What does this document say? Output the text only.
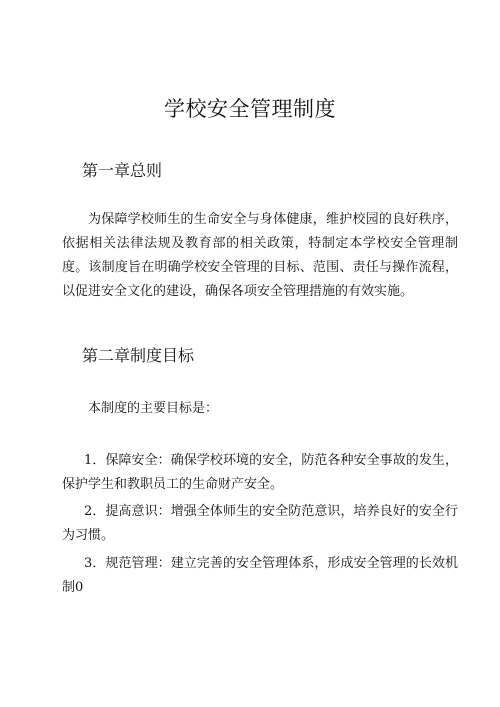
学校安全管理制度
第一章总则
为保障学校师生的生命安全与身体健康，维护校园的良好秩序，依据相关法律法规及教育部的相关政策，特制定本学校安全管理制度。该制度旨在明确学校安全管理的目标、范围、责任与操作流程，以促进安全文化的建设，确保各项安全管理措施的有效实施。
第二章制度目标
本制度的主要目标是：
1．保障安全：确保学校环境的安全，防范各种安全事故的发生，保护学生和教职员工的生命财产安全。
2．提高意识：增强全体师生的安全防范意识，培养良好的安全行为习惯。
3．规范管理：建立完善的安全管理体系，形成安全管理的长效机制0
